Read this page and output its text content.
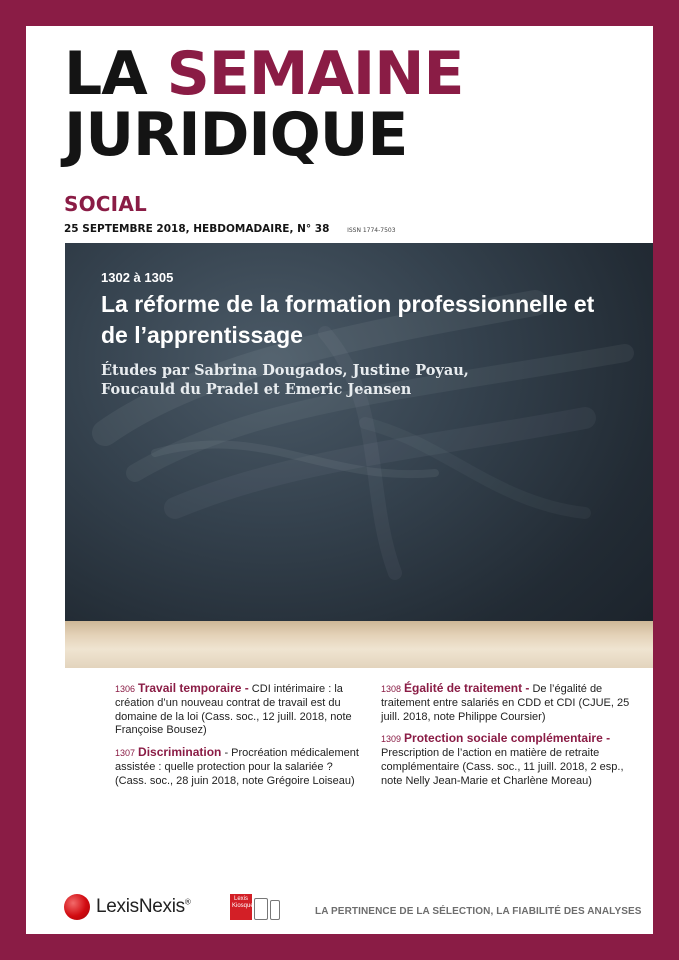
LA SEMAINE
JURIDIQUE
SOCIAL
25 SEPTEMBRE 2018, HEBDOMADAIRE, N° 38	ISSN 1774-7503
1302 à 1305
La réforme de la formation professionnelle et de l’apprentissage
Études par Sabrina Dougados, Justine Poyau, Foucauld du Pradel et Emeric Jeansen

1306 Travail temporaire - CDI intérimaire : la création d’un nouveau contrat de travail est du domaine de la loi (Cass. soc., 12 juill. 2018, note Françoise Bousez)

1307 Discrimination - Procréation médicalement assistée : quelle protection pour la salariée ? (Cass. soc., 28 juin 2018, note Grégoire Loiseau)

1308 Égalité de traitement - De l’égalité de traitement entre salariés en CDD et CDI (CJUE, 25 juill. 2018, note Philippe Coursier)

1309 Protection sociale complémentaire - Prescription de l’action en matière de retraite complémentaire (Cass. soc., 11 juill. 2018, 2 esp., note Nelly Jean-Marie et Charlène Moreau)

LexisNexis®	Lexis
Kiosque	LA PERTINENCE DE LA SÉLECTION, LA FIABILITÉ DES ANALYSES
